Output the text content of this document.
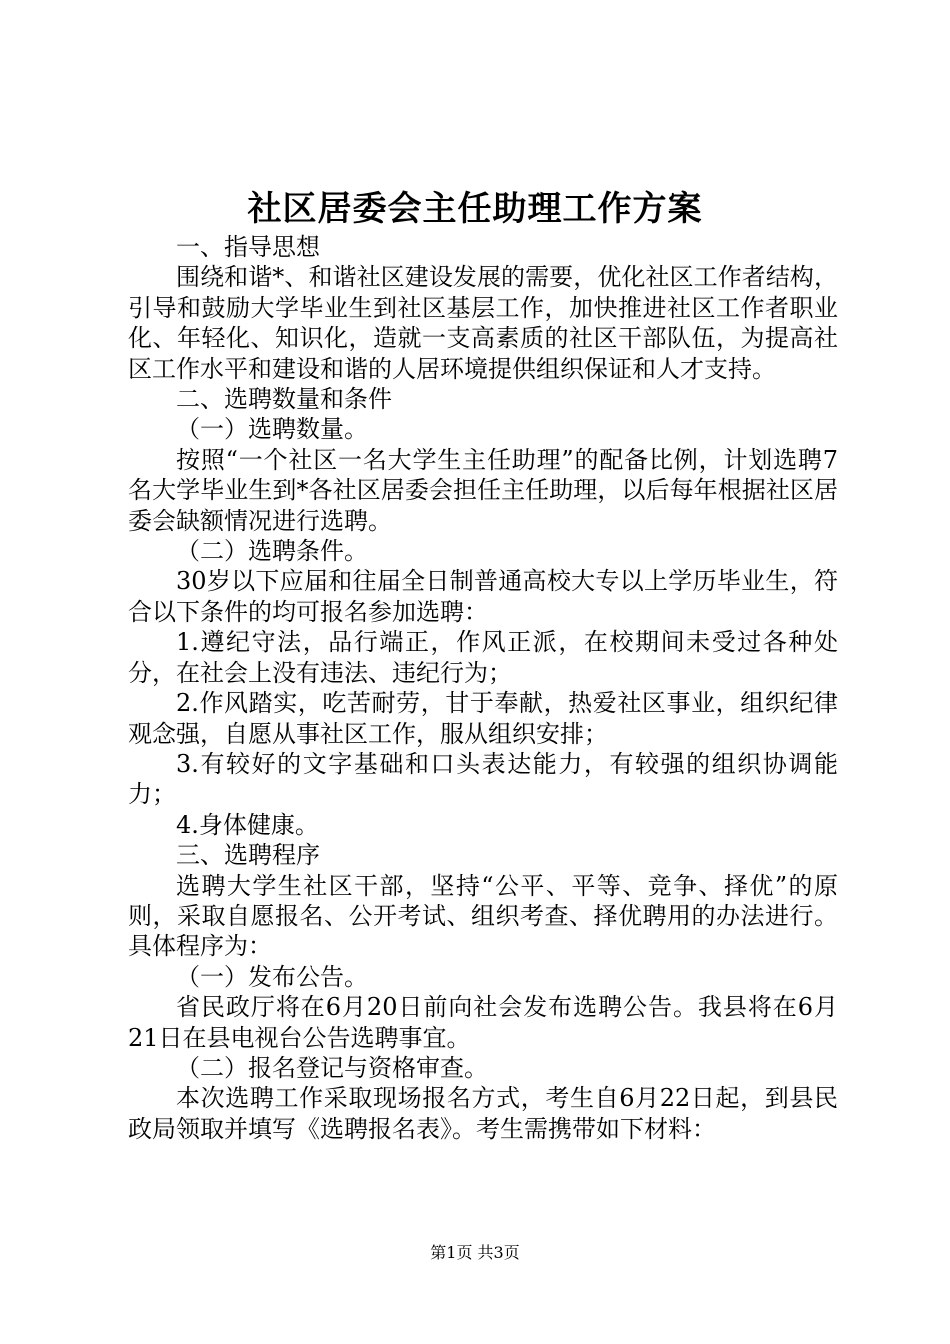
社区居委会主任助理工作方案

一、指导思想

围绕和谐*、和谐社区建设发展的需要，优化社区工作者结构，引导和鼓励大学毕业生到社区基层工作，加快推进社区工作者职业化、年轻化、知识化，造就一支高素质的社区干部队伍，为提高社区工作水平和建设和谐的人居环境提供组织保证和人才支持。

二、选聘数量和条件

（一）选聘数量。

按照“一个社区一名大学生主任助理”的配备比例，计划选聘7名大学毕业生到*各社区居委会担任主任助理，以后每年根据社区居委会缺额情况进行选聘。

（二）选聘条件。

30岁以下应届和往届全日制普通高校大专以上学历毕业生，符合以下条件的均可报名参加选聘：

1.遵纪守法，品行端正，作风正派，在校期间未受过各种处分，在社会上没有违法、违纪行为；

2.作风踏实，吃苦耐劳，甘于奉献，热爱社区事业，组织纪律观念强，自愿从事社区工作，服从组织安排；

3.有较好的文字基础和口头表达能力，有较强的组织协调能力；

4.身体健康。

三、选聘程序

选聘大学生社区干部，坚持“公平、平等、竞争、择优”的原则，采取自愿报名、公开考试、组织考查、择优聘用的办法进行。具体程序为：

（一）发布公告。

省民政厅将在6月20日前向社会发布选聘公告。我县将在6月21日在县电视台公告选聘事宜。

（二）报名登记与资格审查。

本次选聘工作采取现场报名方式，考生自6月22日起，到县民政局领取并填写《选聘报名表》。考生需携带如下材料：

第1页 共3页
